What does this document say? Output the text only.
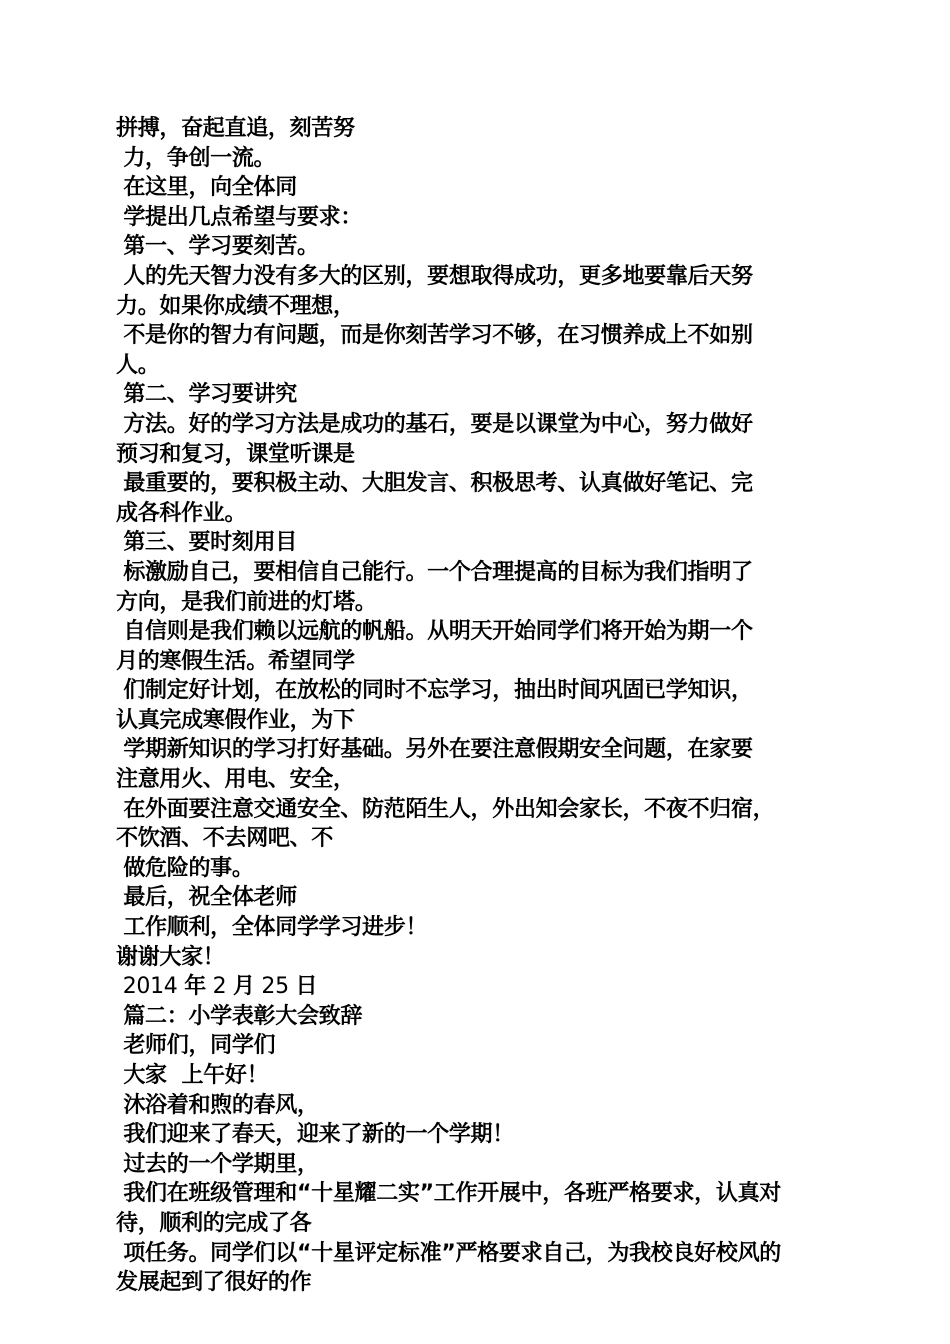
拼搏，奋起直追，刻苦努

力，争创一流。

在这里，向全体同

学提出几点希望与要求：

第一、学习要刻苦。

人的先天智力没有多大的区别，要想取得成功，更多地要靠后天努

力。如果你成绩不理想，

不是你的智力有问题，而是你刻苦学习不够，在习惯养成上不如别

人。

第二、学习要讲究

方法。好的学习方法是成功的基石，要是以课堂为中心，努力做好

预习和复习，课堂听课是

最重要的，要积极主动、大胆发言、积极思考、认真做好笔记、完

成各科作业。

第三、要时刻用目

标激励自己，要相信自己能行。一个合理提高的目标为我们指明了

方向，是我们前进的灯塔。

自信则是我们赖以远航的帆船。从明天开始同学们将开始为期一个

月的寒假生活。希望同学

们制定好计划，在放松的同时不忘学习，抽出时间巩固已学知识，

认真完成寒假作业，为下

学期新知识的学习打好基础。另外在要注意假期安全问题，在家要

注意用火、用电、安全，

在外面要注意交通安全、防范陌生人，外出知会家长，不夜不归宿，

不饮酒、不去网吧、不

做危险的事。

最后，祝全体老师

工作顺利，全体同学学习进步！

谢谢大家！

2014 年 2 月 25 日

篇二：小学表彰大会致辞

老师们，同学们

大家  上午好！

沐浴着和煦的春风，

我们迎来了春天，迎来了新的一个学期！

过去的一个学期里，

我们在班级管理和“十星耀二实”工作开展中，各班严格要求，认真对

待，顺利的完成了各

项任务。同学们以“十星评定标准”严格要求自己，为我校良好校风的

发展起到了很好的作
